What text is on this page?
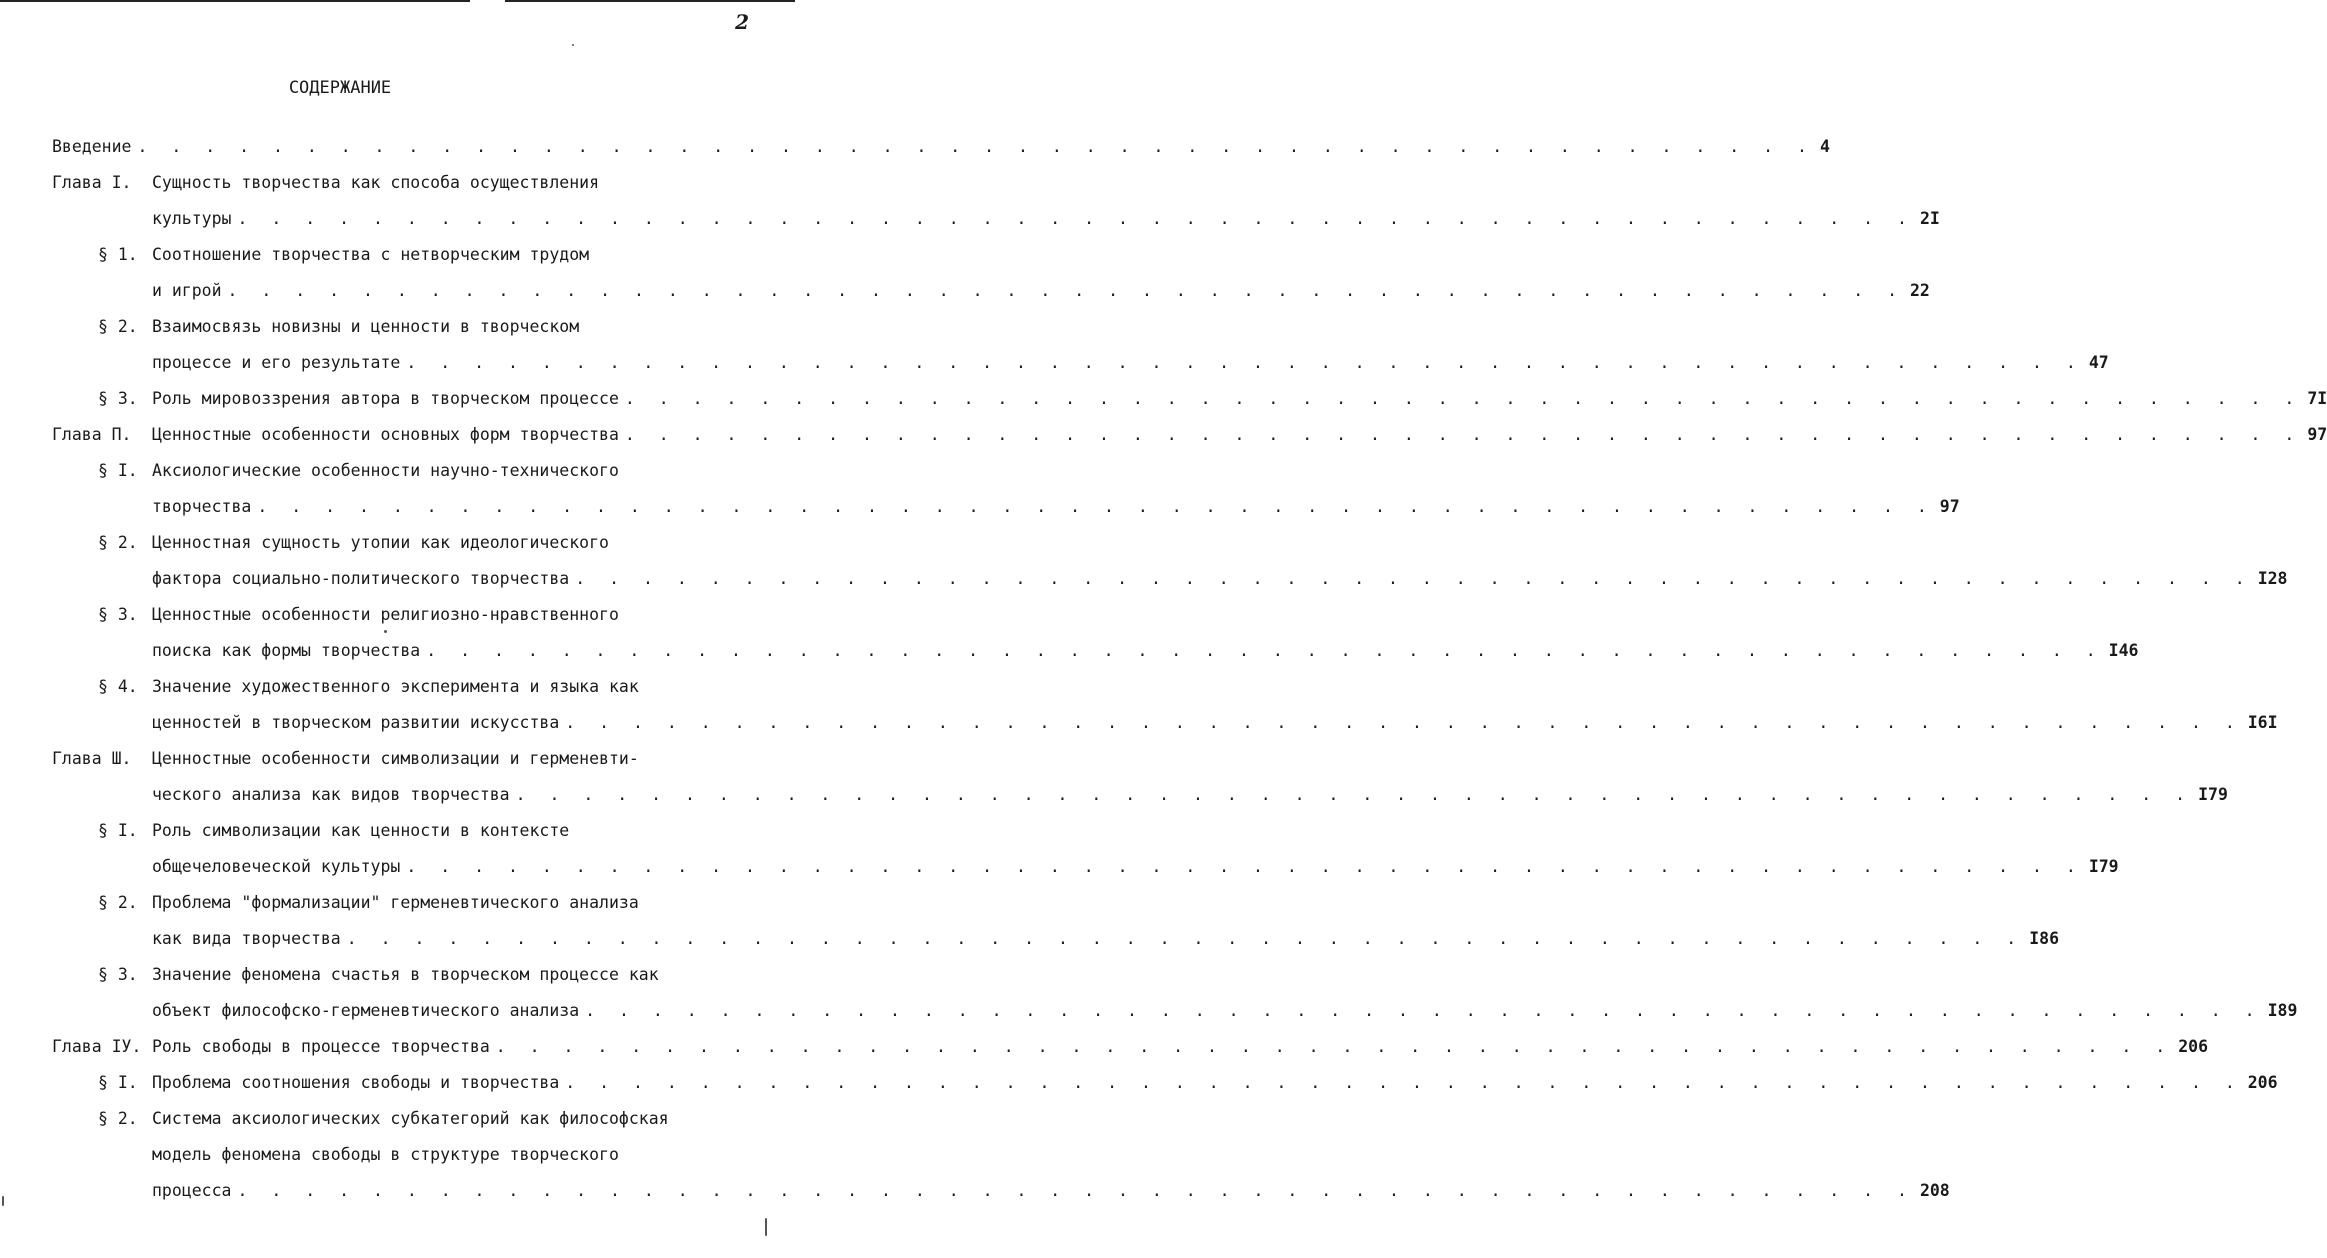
2
СОДЕРЖАНИЕ
Введение . . . . . . . . . . . . . . . . . . . . . . . . . . . . . . . . . . . . . . . . . . . . . . . . . . 4
Глава I.	Сущность творчества как способа осуществления
культуры . . . . . . . . . . . . . . . . . . . . . . . . . . . . . . . . . . . . . . . . . . . . . . . . . . 2I
§ 1. Соотношение творчества с нетворческим трудом
и игрой . . . . . . . . . . . . . . . . . . . . . . . . . . . . . . . . . . . . . . . . . . . . . . . . . . 22
§ 2. Взаимосвязь новизны и ценности в творческом
процессе и его результате . . . . . . . . . . . . . . . . . . . . . . . . . . . . . . . . . . . . . . . . . . . . . . . . . . 47
§ 3. Роль мировоззрения автора в творческом процессе . . . . . . . . . . . . . . . . . . . . . . . . . . . . . . . . . . . . . . . . . . . . . . . . . . 7I
Глава П.	Ценностные особенности основных форм творчества . . . . . . . . . . . . . . . . . . . . . . . . . . . . . . . . . . . . . . . . . . . . . . . . . . 97
§ I. Аксиологические особенности научно-технического
творчества . . . . . . . . . . . . . . . . . . . . . . . . . . . . . . . . . . . . . . . . . . . . . . . . . . 97
§ 2. Ценностная сущность утопии как идеологического
фактора социально-политического творчества . . . . . . . . . . . . . . . . . . . . . . . . . . . . . . . . . . . . . . . . . . . . . . . . . . I28
§ 3. Ценностные особенности религиозно-нравственного
поиска как формы творчества . . . . . . . . . . . . . . . . . . . . . . . . . . . . . . . . . . . . . . . . . . . . . . . . . . I46
§ 4. Значение художественного эксперимента и языка как
ценностей в творческом развитии искусства . . . . . . . . . . . . . . . . . . . . . . . . . . . . . . . . . . . . . . . . . . . . . . . . . . I6I
Глава Ш.	Ценностные особенности символизации и герменевти-
ческого анализа как видов творчества . . . . . . . . . . . . . . . . . . . . . . . . . . . . . . . . . . . . . . . . . . . . . . . . . . I79
§ I. Роль символизации как ценности в контексте
общечеловеческой культуры . . . . . . . . . . . . . . . . . . . . . . . . . . . . . . . . . . . . . . . . . . . . . . . . . . I79
§ 2. Проблема "формализации" герменевтического анализа
как вида творчества . . . . . . . . . . . . . . . . . . . . . . . . . . . . . . . . . . . . . . . . . . . . . . . . . . I86
§ 3. Значение феномена счастья в творческом процессе как
объект философско-герменевтического анализа . . . . . . . . . . . . . . . . . . . . . . . . . . . . . . . . . . . . . . . . . . . . . . . . . . I89
Глава IУ. Роль свободы в процессе творчества . . . . . . . . . . . . . . . . . . . . . . . . . . . . . . . . . . . . . . . . . . . . . . . . . . 206
§ I. Проблема соотношения свободы и творчества . . . . . . . . . . . . . . . . . . . . . . . . . . . . . . . . . . . . . . . . . . . . . . . . . . 206
§ 2. Система аксиологических субкатегорий как философская
модель феномена свободы в структуре творческого
процесса . . . . . . . . . . . . . . . . . . . . . . . . . . . . . . . . . . . . . . . . . . . . . . . . . . 208
